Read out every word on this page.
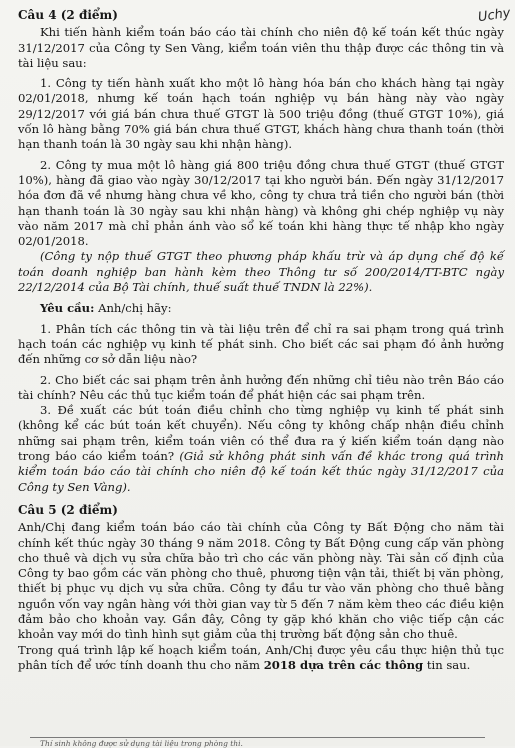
Uchy
Câu 4 (2 điểm)

Khi tiến hành kiểm toán báo cáo tài chính cho niên độ kế toán kết thúc ngày 31/12/2017 của Công ty Sen Vàng, kiểm toán viên thu thập được các thông tin và tài liệu sau:

1. Công ty tiến hành xuất kho một lô hàng hóa bán cho khách hàng tại ngày 02/01/2018, nhưng kế toán hạch toán nghiệp vụ bán hàng này vào ngày 29/12/2017 với giá bán chưa thuế GTGT là 500 triệu đồng (thuế GTGT 10%), giá vốn lô hàng bằng 70% giá bán chưa thuế GTGT, khách hàng chưa thanh toán (thời hạn thanh toán là 30 ngày sau khi nhận hàng).

2. Công ty mua một lô hàng giá 800 triệu đồng chưa thuế GTGT (thuế GTGT 10%), hàng đã giao vào ngày 30/12/2017 tại kho người bán. Đến ngày 31/12/2017 hóa đơn đã về nhưng hàng chưa về kho, công ty chưa trả tiền cho người bán (thời hạn thanh toán là 30 ngày sau khi nhận hàng) và không ghi chép nghiệp vụ này vào năm 2017 mà chỉ phản ánh vào sổ kế toán khi hàng thực tế nhập kho ngày 02/01/2018.

(Công ty nộp thuế GTGT theo phương pháp khấu trừ và áp dụng chế độ kế toán doanh nghiệp ban hành kèm theo Thông tư số 200/2014/TT-BTC ngày 22/12/2014 của Bộ Tài chính, thuế suất thuế TNDN là 22%).

Yêu cầu: Anh/chị hãy:

1. Phân tích các thông tin và tài liệu trên để chỉ ra sai phạm trong quá trình hạch toán các nghiệp vụ kinh tế phát sinh. Cho biết các sai phạm đó ảnh hưởng đến những cơ sở dẫn liệu nào?

2. Cho biết các sai phạm trên ảnh hưởng đến những chỉ tiêu nào trên Báo cáo tài chính? Nêu các thủ tục kiểm toán để phát hiện các sai phạm trên.

3. Đề xuất các bút toán điều chỉnh cho từng nghiệp vụ kinh tế phát sinh (không kể các bút toán kết chuyển). Nếu công ty không chấp nhận điều chỉnh những sai phạm trên, kiểm toán viên có thể đưa ra ý kiến kiểm toán dạng nào trong báo cáo kiểm toán? (Giả sử không phát sinh vấn đề khác trong quá trình kiểm toán báo cáo tài chính cho niên độ kế toán kết thúc ngày 31/12/2017 của Công ty Sen Vàng).

Câu 5 (2 điểm)

Anh/Chị đang kiểm toán báo cáo tài chính của Công ty Bất Động cho năm tài chính kết thúc ngày 30 tháng 9 năm 2018. Công ty Bất Động cung cấp văn phòng cho thuê và dịch vụ sửa chữa bảo trì cho các văn phòng này. Tài sản cố định của Công ty bao gồm các văn phòng cho thuê, phương tiện vận tải, thiết bị văn phòng, thiết bị phục vụ dịch vụ sửa chữa. Công ty đầu tư vào văn phòng cho thuê bằng nguồn vốn vay ngân hàng với thời gian vay từ 5 đến 7 năm kèm theo các điều kiện đảm bảo cho khoản vay. Gần đây, Công ty gặp khó khăn cho việc tiếp cận các khoản vay mới do tình hình sụt giảm của thị trường bất động sản cho thuê.

Trong quá trình lập kế hoạch kiểm toán, Anh/Chị được yêu cầu thực hiện thủ tục phân tích để ước tính doanh thu cho năm 2018 dựa trên các thông tin sau.

Thí sinh không được sử dụng tài liệu trong phòng thi.
